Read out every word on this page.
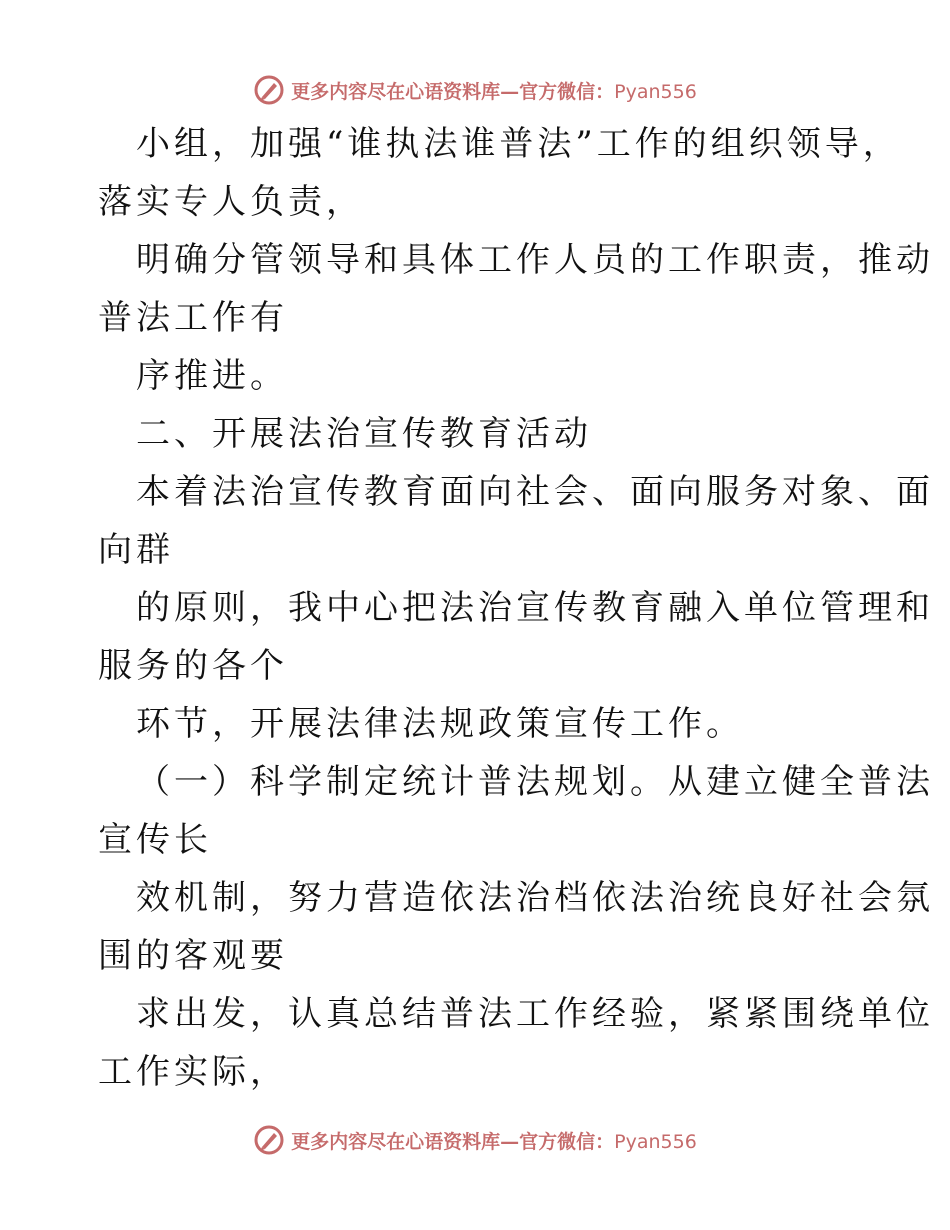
更多内容尽在心语资料库—官方微信：Pyan556
小组，加强“谁执法谁普法”工作的组织领导，
落实专人负责，
明确分管领导和具体工作人员的工作职责，推动
普法工作有
序推进。
二、开展法治宣传教育活动
本着法治宣传教育面向社会、面向服务对象、面
向群
的原则，我中心把法治宣传教育融入单位管理和
服务的各个
环节，开展法律法规政策宣传工作。
（一）科学制定统计普法规划。从建立健全普法
宣传长
效机制，努力营造依法治档依法治统良好社会氛
围的客观要
求出发，认真总结普法工作经验，紧紧围绕单位
工作实际，
更多内容尽在心语资料库—官方微信：Pyan556
